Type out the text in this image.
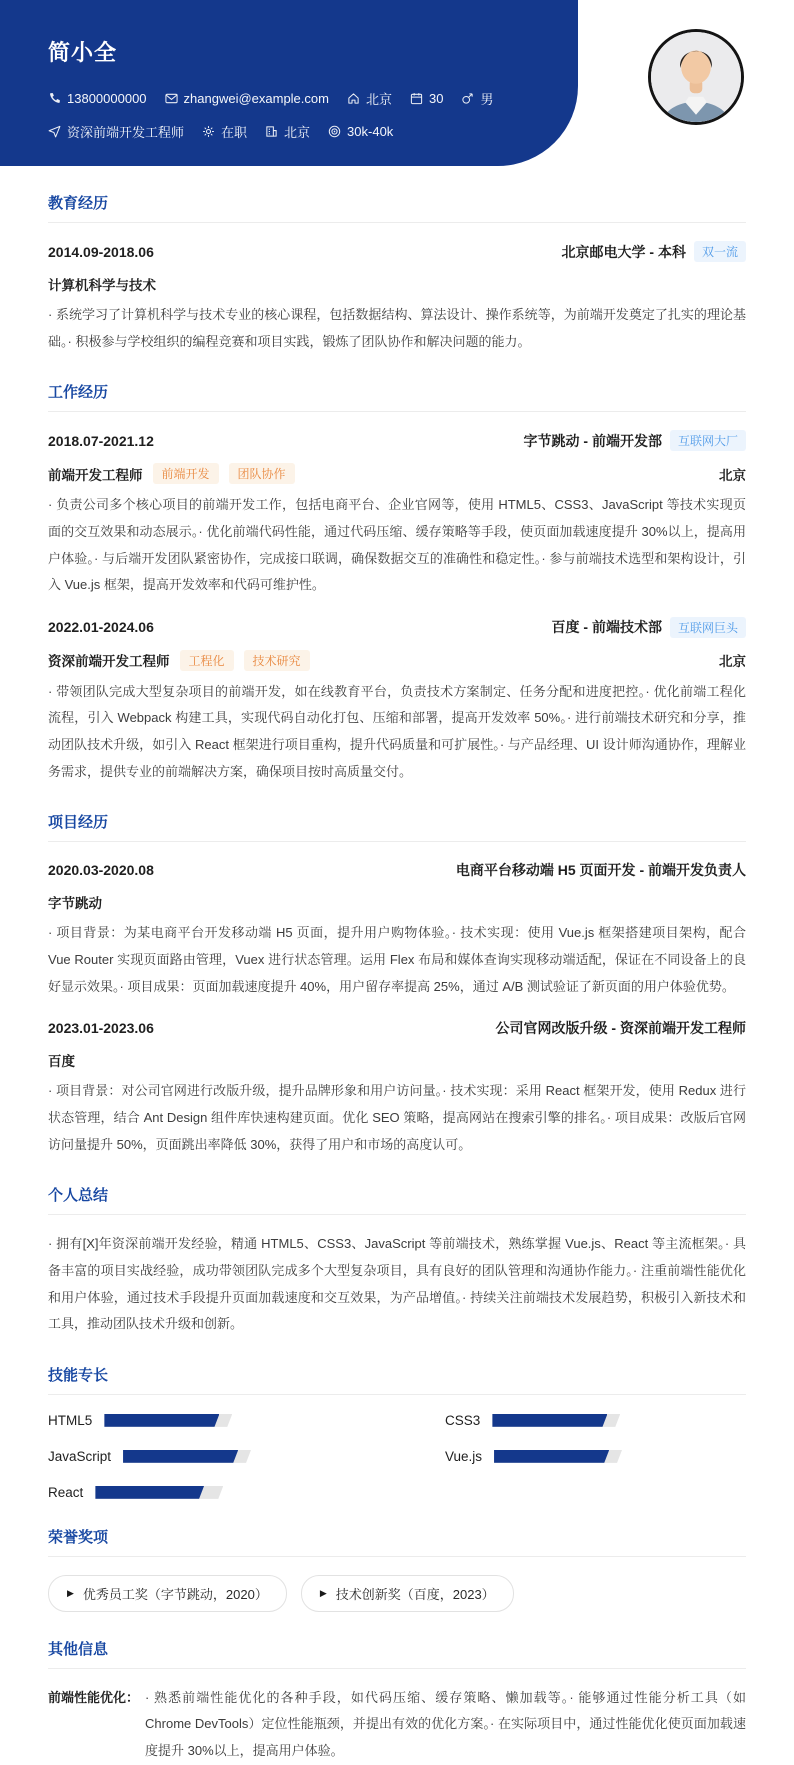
简小全
13800000000	zhangwei@example.com	北京	30	男
资深前端开发工程师	在职	北京	30k-40k
教育经历
2014.09-2018.06	北京邮电大学 - 本科	双一流
计算机科学与技术

· 系统学习了计算机科学与技术专业的核心课程，包括数据结构、算法设计、操作系统等，为前端开发奠定了扎实的理论基础。· 积极参与学校组织的编程竞赛和项目实践，锻炼了团队协作和解决问题的能力。

工作经历
2018.07-2021.12	字节跳动 - 前端开发部	互联网大厂
前端开发工程师	前端开发	团队协作	北京

· 负责公司多个核心项目的前端开发工作，包括电商平台、企业官网等，使用 HTML5、CSS3、JavaScript 等技术实现页面的交互效果和动态展示。· 优化前端代码性能，通过代码压缩、缓存策略等手段，使页面加载速度提升 30%以上，提高用户体验。· 与后端开发团队紧密协作，完成接口联调，确保数据交互的准确性和稳定性。· 参与前端技术选型和架构设计，引入 Vue.js 框架，提高开发效率和代码可维护性。

2022.01-2024.06	百度 - 前端技术部	互联网巨头
资深前端开发工程师	工程化	技术研究	北京

· 带领团队完成大型复杂项目的前端开发，如在线教育平台，负责技术方案制定、任务分配和进度把控。· 优化前端工程化流程，引入 Webpack 构建工具，实现代码自动化打包、压缩和部署，提高开发效率 50%。· 进行前端技术研究和分享，推动团队技术升级，如引入 React 框架进行项目重构，提升代码质量和可扩展性。· 与产品经理、UI 设计师沟通协作，理解业务需求，提供专业的前端解决方案，确保项目按时高质量交付。

项目经历
2020.03-2020.08	电商平台移动端 H5 页面开发 - 前端开发负责人
字节跳动

· 项目背景：为某电商平台开发移动端 H5 页面，提升用户购物体验。· 技术实现：使用 Vue.js 框架搭建项目架构，配合 Vue Router 实现页面路由管理，Vuex 进行状态管理。运用 Flex 布局和媒体查询实现移动端适配，保证在不同设备上的良好显示效果。· 项目成果：页面加载速度提升 40%，用户留存率提高 25%，通过 A/B 测试验证了新页面的用户体验优势。

2023.01-2023.06	公司官网改版升级 - 资深前端开发工程师
百度

· 项目背景：对公司官网进行改版升级，提升品牌形象和用户访问量。· 技术实现：采用 React 框架开发，使用 Redux 进行状态管理，结合 Ant Design 组件库快速构建页面。优化 SEO 策略，提高网站在搜索引擎的排名。· 项目成果：改版后官网访问量提升 50%，页面跳出率降低 30%，获得了用户和市场的高度认可。

个人总结

· 拥有[X]年资深前端开发经验，精通 HTML5、CSS3、JavaScript 等前端技术，熟练掌握 Vue.js、React 等主流框架。· 具备丰富的项目实战经验，成功带领团队完成多个大型复杂项目，具有良好的团队管理和沟通协作能力。· 注重前端性能优化和用户体验，通过技术手段提升页面加载速度和交互效果，为产品增值。· 持续关注前端技术发展趋势，积极引入新技术和工具，推动团队技术升级和创新。

技能专长
HTML5	CSS3
JavaScript	Vue.js
React
荣誉奖项
▶ 优秀员工奖（字节跳动，2020）	▶ 技术创新奖（百度，2023）
其他信息
前端性能优化： · 熟悉前端性能优化的各种手段，如代码压缩、缓存策略、懒加载等。· 能够通过性能分析工具（如 Chrome DevTools）定位性能瓶颈，并提出有效的优化方案。· 在实际项目中，通过性能优化使页面加载速度提升 30%以上，提高用户体验。
